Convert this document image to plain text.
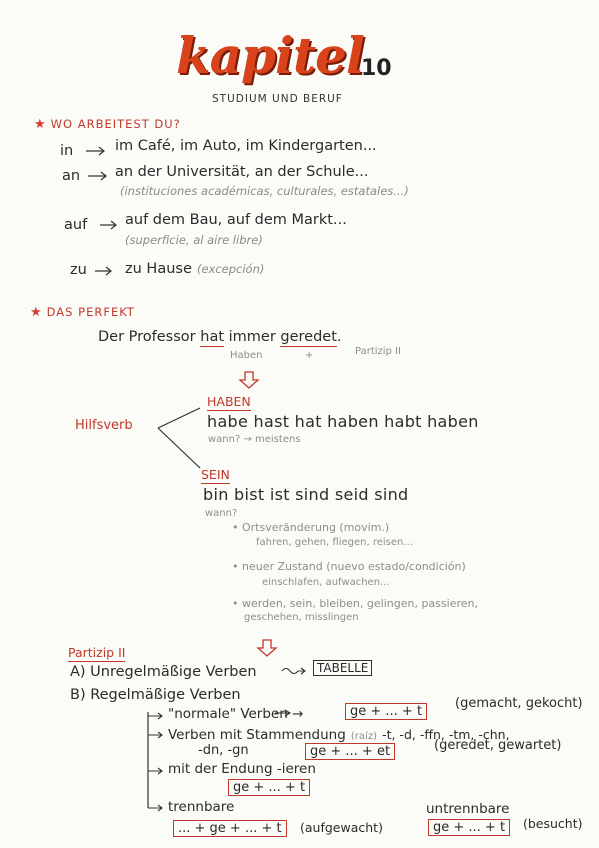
kapitel
10
STUDIUM UND BERUF
★ WO ARBEITEST DU?
in	im Café, im Auto, im Kindergarten...
an an der Universität, an der Schule...
(instituciones académicas, culturales, estatales...)
auf	auf dem Bau, auf dem Markt...
(superficie, al aire libre)
zu	zu Hause (excepción)
★ DAS PERFEKT
Der Professor hat immer geredet.
Haben	+	Partizip II
Hilfsverb
HABEN
habe hast hat haben habt haben
wann? → meistens
SEIN
bin bist ist sind seid sind
wann?
• Ortsveränderung (movim.)
fahren, gehen, fliegen, reisen...
• neuer Zustand (nuevo estado/condición)
einschlafen, aufwachen...
• werden, sein, bleiben, gelingen, passieren,
geschehen, misslingen
Partizip II
A) Unregelmäßige Verben	TABELLE
B) Regelmäßige Verben
"normale" Verben →	ge + ... + t
(gemacht, gekocht)
Verben mit Stammendung (raíz) -t, -d, -ffn, -tm, -chn,
-dn, -gn	ge + ... + et	(geredet, gewartet)
mit der Endung -ieren
ge + ... + t
trennbare
... + ge + ... + t	(aufgewacht)
untrennbare
ge + ... + t	(besucht)
